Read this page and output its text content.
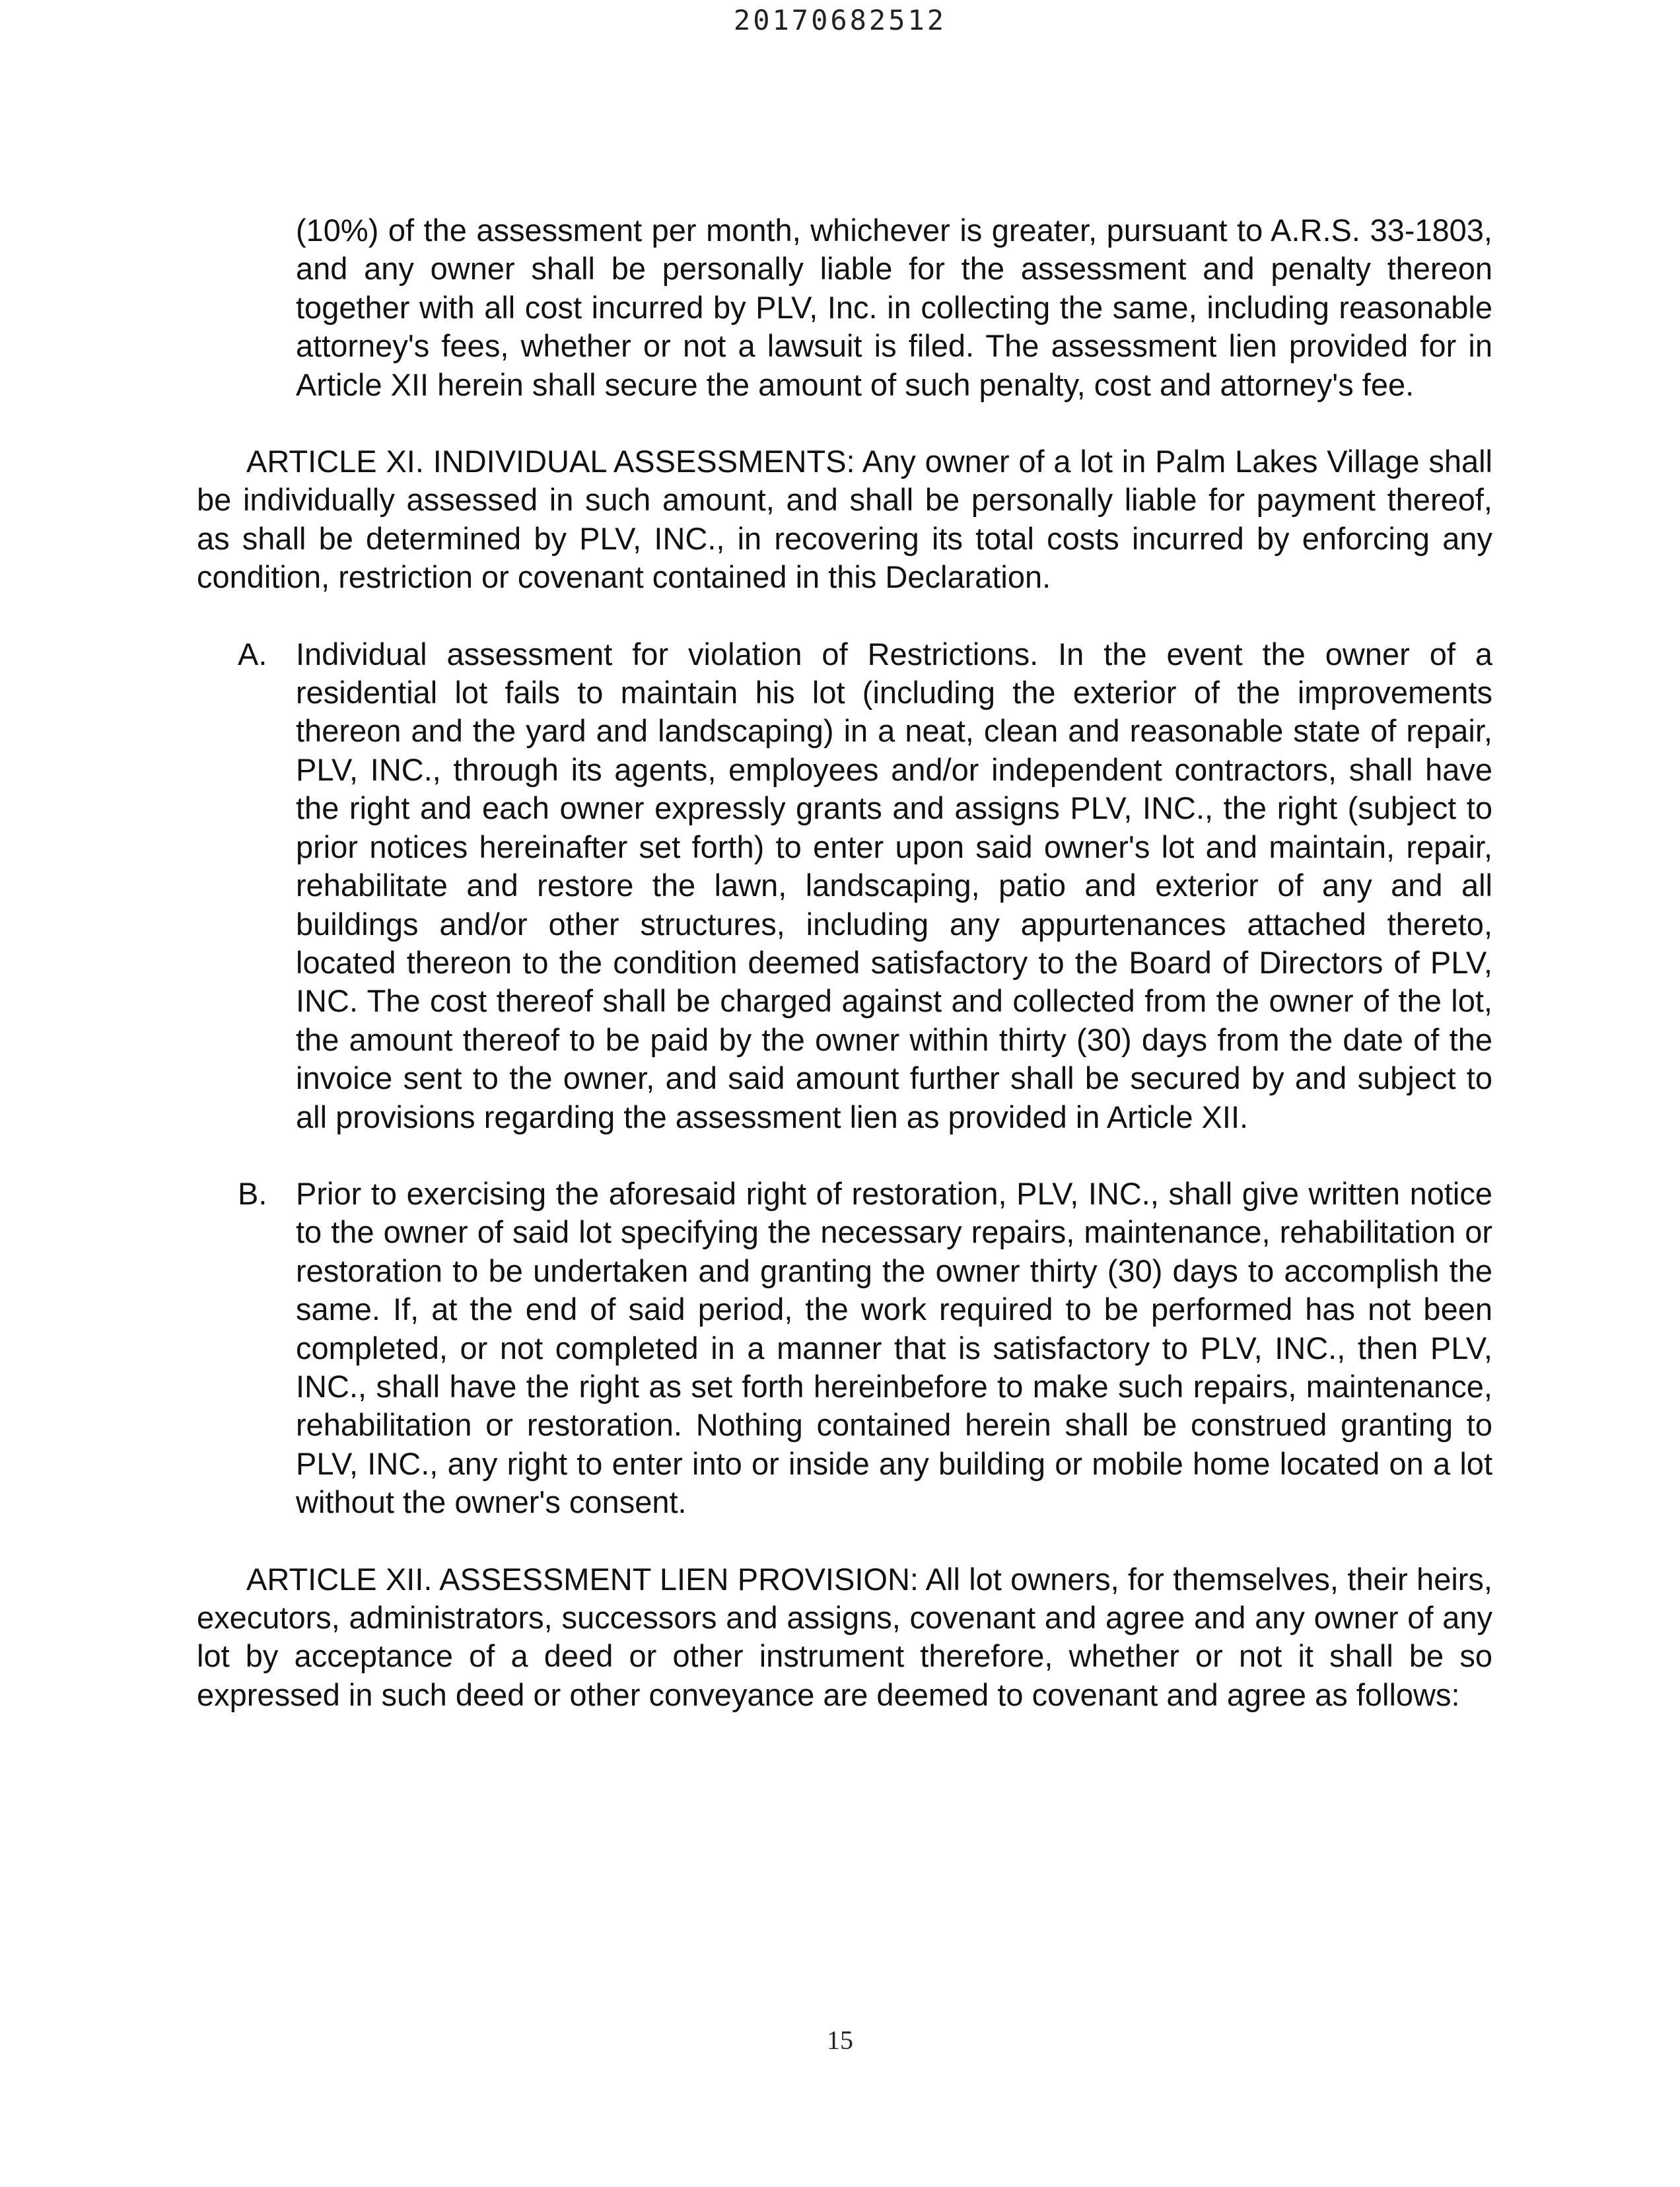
20170682512

(10%) of the assessment per month, whichever is greater, pursuant to A.R.S. 33-1803, and any owner shall be personally liable for the assessment and penalty thereon together with all cost incurred by PLV, Inc. in collecting the same, including reasonable attorney's fees, whether or not a lawsuit is filed. The assessment lien provided for in Article XII herein shall secure the amount of such penalty, cost and attorney's fee.

ARTICLE XI. INDIVIDUAL ASSESSMENTS: Any owner of a lot in Palm Lakes Village shall be individually assessed in such amount, and shall be personally liable for payment thereof, as shall be determined by PLV, INC., in recovering its total costs incurred by enforcing any condition, restriction or covenant contained in this Declaration.

A. Individual assessment for violation of Restrictions. In the event the owner of a residential lot fails to maintain his lot (including the exterior of the improvements thereon and the yard and landscaping) in a neat, clean and reasonable state of repair, PLV, INC., through its agents, employees and/or independent contractors, shall have the right and each owner expressly grants and assigns PLV, INC., the right (subject to prior notices hereinafter set forth) to enter upon said owner's lot and maintain, repair, rehabilitate and restore the lawn, landscaping, patio and exterior of any and all buildings and/or other structures, including any appurtenances attached thereto, located thereon to the condition deemed satisfactory to the Board of Directors of PLV, INC. The cost thereof shall be charged against and collected from the owner of the lot, the amount thereof to be paid by the owner within thirty (30) days from the date of the invoice sent to the owner, and said amount further shall be secured by and subject to all provisions regarding the assessment lien as provided in Article XII.

B. Prior to exercising the aforesaid right of restoration, PLV, INC., shall give written notice to the owner of said lot specifying the necessary repairs, maintenance, rehabilitation or restoration to be undertaken and granting the owner thirty (30) days to accomplish the same. If, at the end of said period, the work required to be performed has not been completed, or not completed in a manner that is satisfactory to PLV, INC., then PLV, INC., shall have the right as set forth hereinbefore to make such repairs, maintenance, rehabilitation or restoration. Nothing contained herein shall be construed granting to PLV, INC., any right to enter into or inside any building or mobile home located on a lot without the owner's consent.

ARTICLE XII. ASSESSMENT LIEN PROVISION: All lot owners, for themselves, their heirs, executors, administrators, successors and assigns, covenant and agree and any owner of any lot by acceptance of a deed or other instrument therefore, whether or not it shall be so expressed in such deed or other conveyance are deemed to covenant and agree as follows:

15
